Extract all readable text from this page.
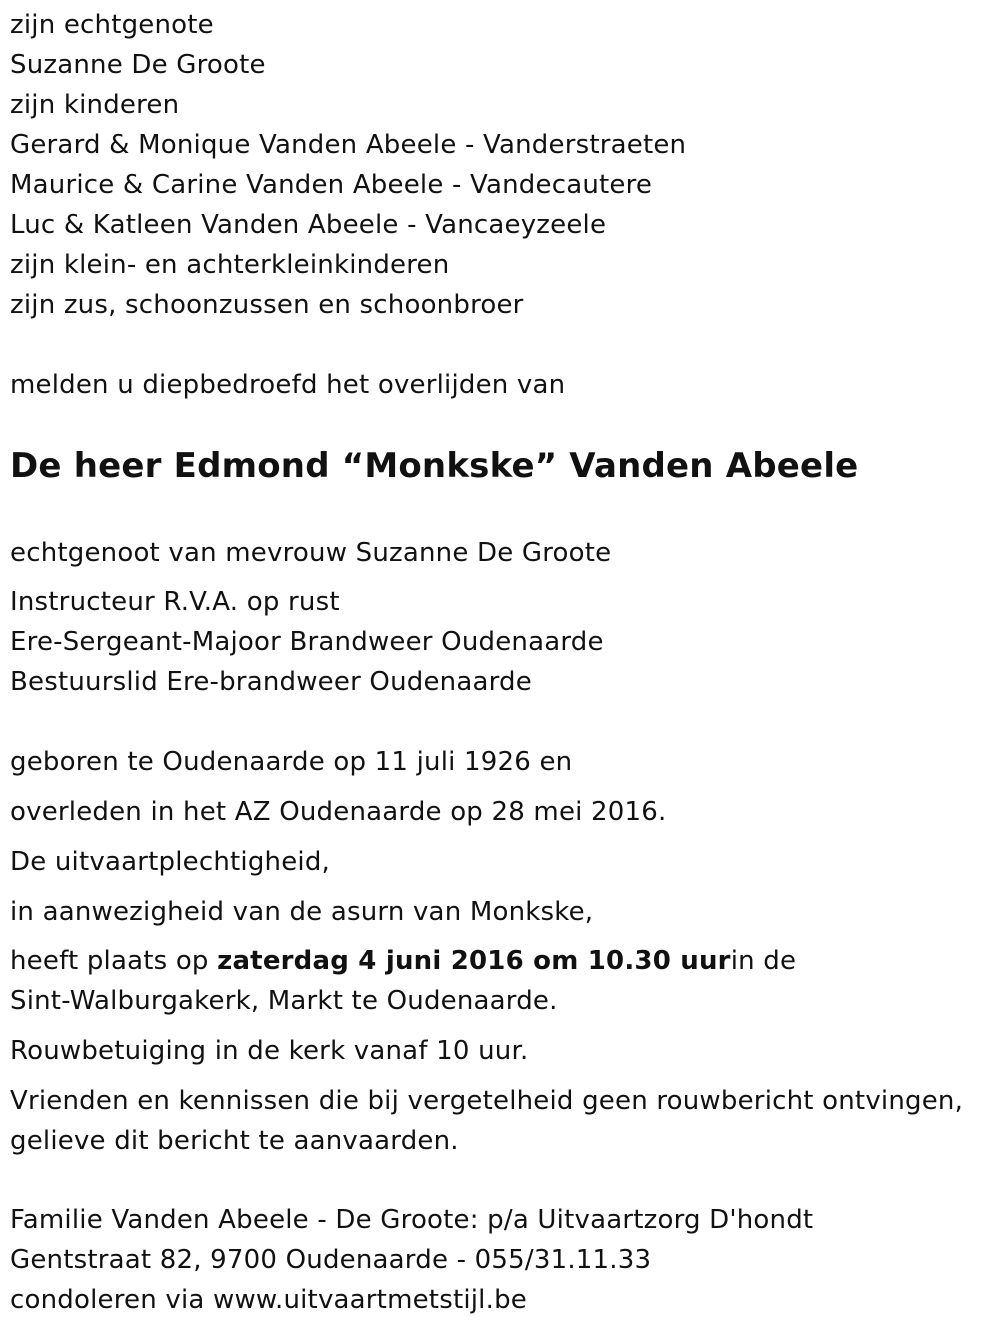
zijn echtgenote
Suzanne De Groote
zijn kinderen
Gerard & Monique Vanden Abeele - Vanderstraeten
Maurice & Carine Vanden Abeele - Vandecautere
Luc & Katleen Vanden Abeele - Vancaeyzeele
zijn klein- en achterkleinkinderen
zijn zus, schoonzussen en schoonbroer
melden u diepbedroefd het overlijden van
De heer Edmond “Monkske” Vanden Abeele
echtgenoot van mevrouw Suzanne De Groote
Instructeur R.V.A. op rust
Ere-Sergeant-Majoor Brandweer Oudenaarde
Bestuurslid Ere-brandweer Oudenaarde
geboren te Oudenaarde op 11 juli 1926 en
overleden in het AZ Oudenaarde op 28 mei 2016.
De uitvaartplechtigheid,
in aanwezigheid van de asurn van Monkske,
heeft plaats op zaterdag 4 juni 2016 om 10.30 uurin de
Sint-Walburgakerk, Markt te Oudenaarde.
Rouwbetuiging in de kerk vanaf 10 uur.
Vrienden en kennissen die bij vergetelheid geen rouwbericht ontvingen,
gelieve dit bericht te aanvaarden.
Familie Vanden Abeele - De Groote: p/a Uitvaartzorg D'hondt
Gentstraat 82, 9700 Oudenaarde - 055/31.11.33
condoleren via www.uitvaartmetstijl.be
